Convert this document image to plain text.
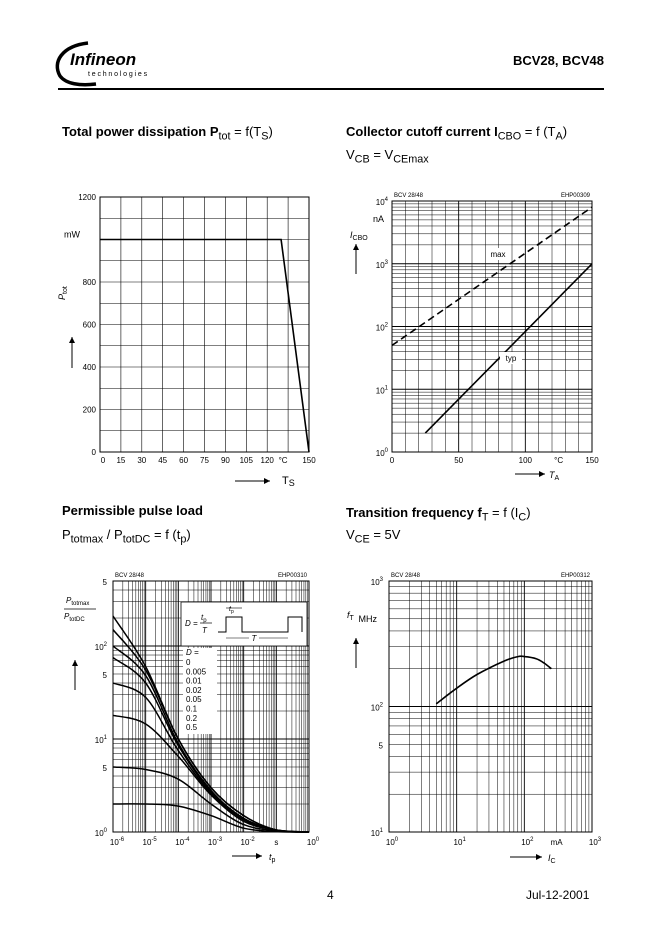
Infineon
technologies
BCV28, BCV48
Total power dissipation $P_{tot} = f(T_S)$	Collector cutoff current $I_{CBO} = f$ $(T_A)$
$V_{CB} = V_{CEmax}$
Permissible pulse load
$P_{totmax} / P_{totDC} = f$ $(t_p)$
Transition frequency $f_T = f$ $(I_C)$
$V_{CE} = 5V$
200
400
600
800
1200
0
0 15 30 45 60 75 90 105 120	150
°C
mW
$P_{tot}$
TS
BCV 28/48	EHP00309
$10^0$
$10^1$
$10^2$
$10^3$
$10^4$
0	50	100	150
°C
nA
$I_{CBO}$
$T_A$
max
typ
BCV 28/48	EHP00310
$10^0$
5
$10^1$
5
$10^2$
5
$10^{-6}$ $10^{-5}$ $10^{-4}$ $10^{-3}$ $10^{-2}$	$10^0$
s
$P_{totmax}$
$P_{totDC}$
$t_p$
D =
$t_p$
T
$t_p$
T
D =
0
0.005
0.01
0.02
0.05
0.1
0.2
0.5
BCV 28/48	EHP00312
$10^1$
5
$10^2$
$10^3$
$10^0$	$10^1$	$10^2$	$10^3$
mA
$f_T$ MHz
$I_C$
4	Jul-12-2001
